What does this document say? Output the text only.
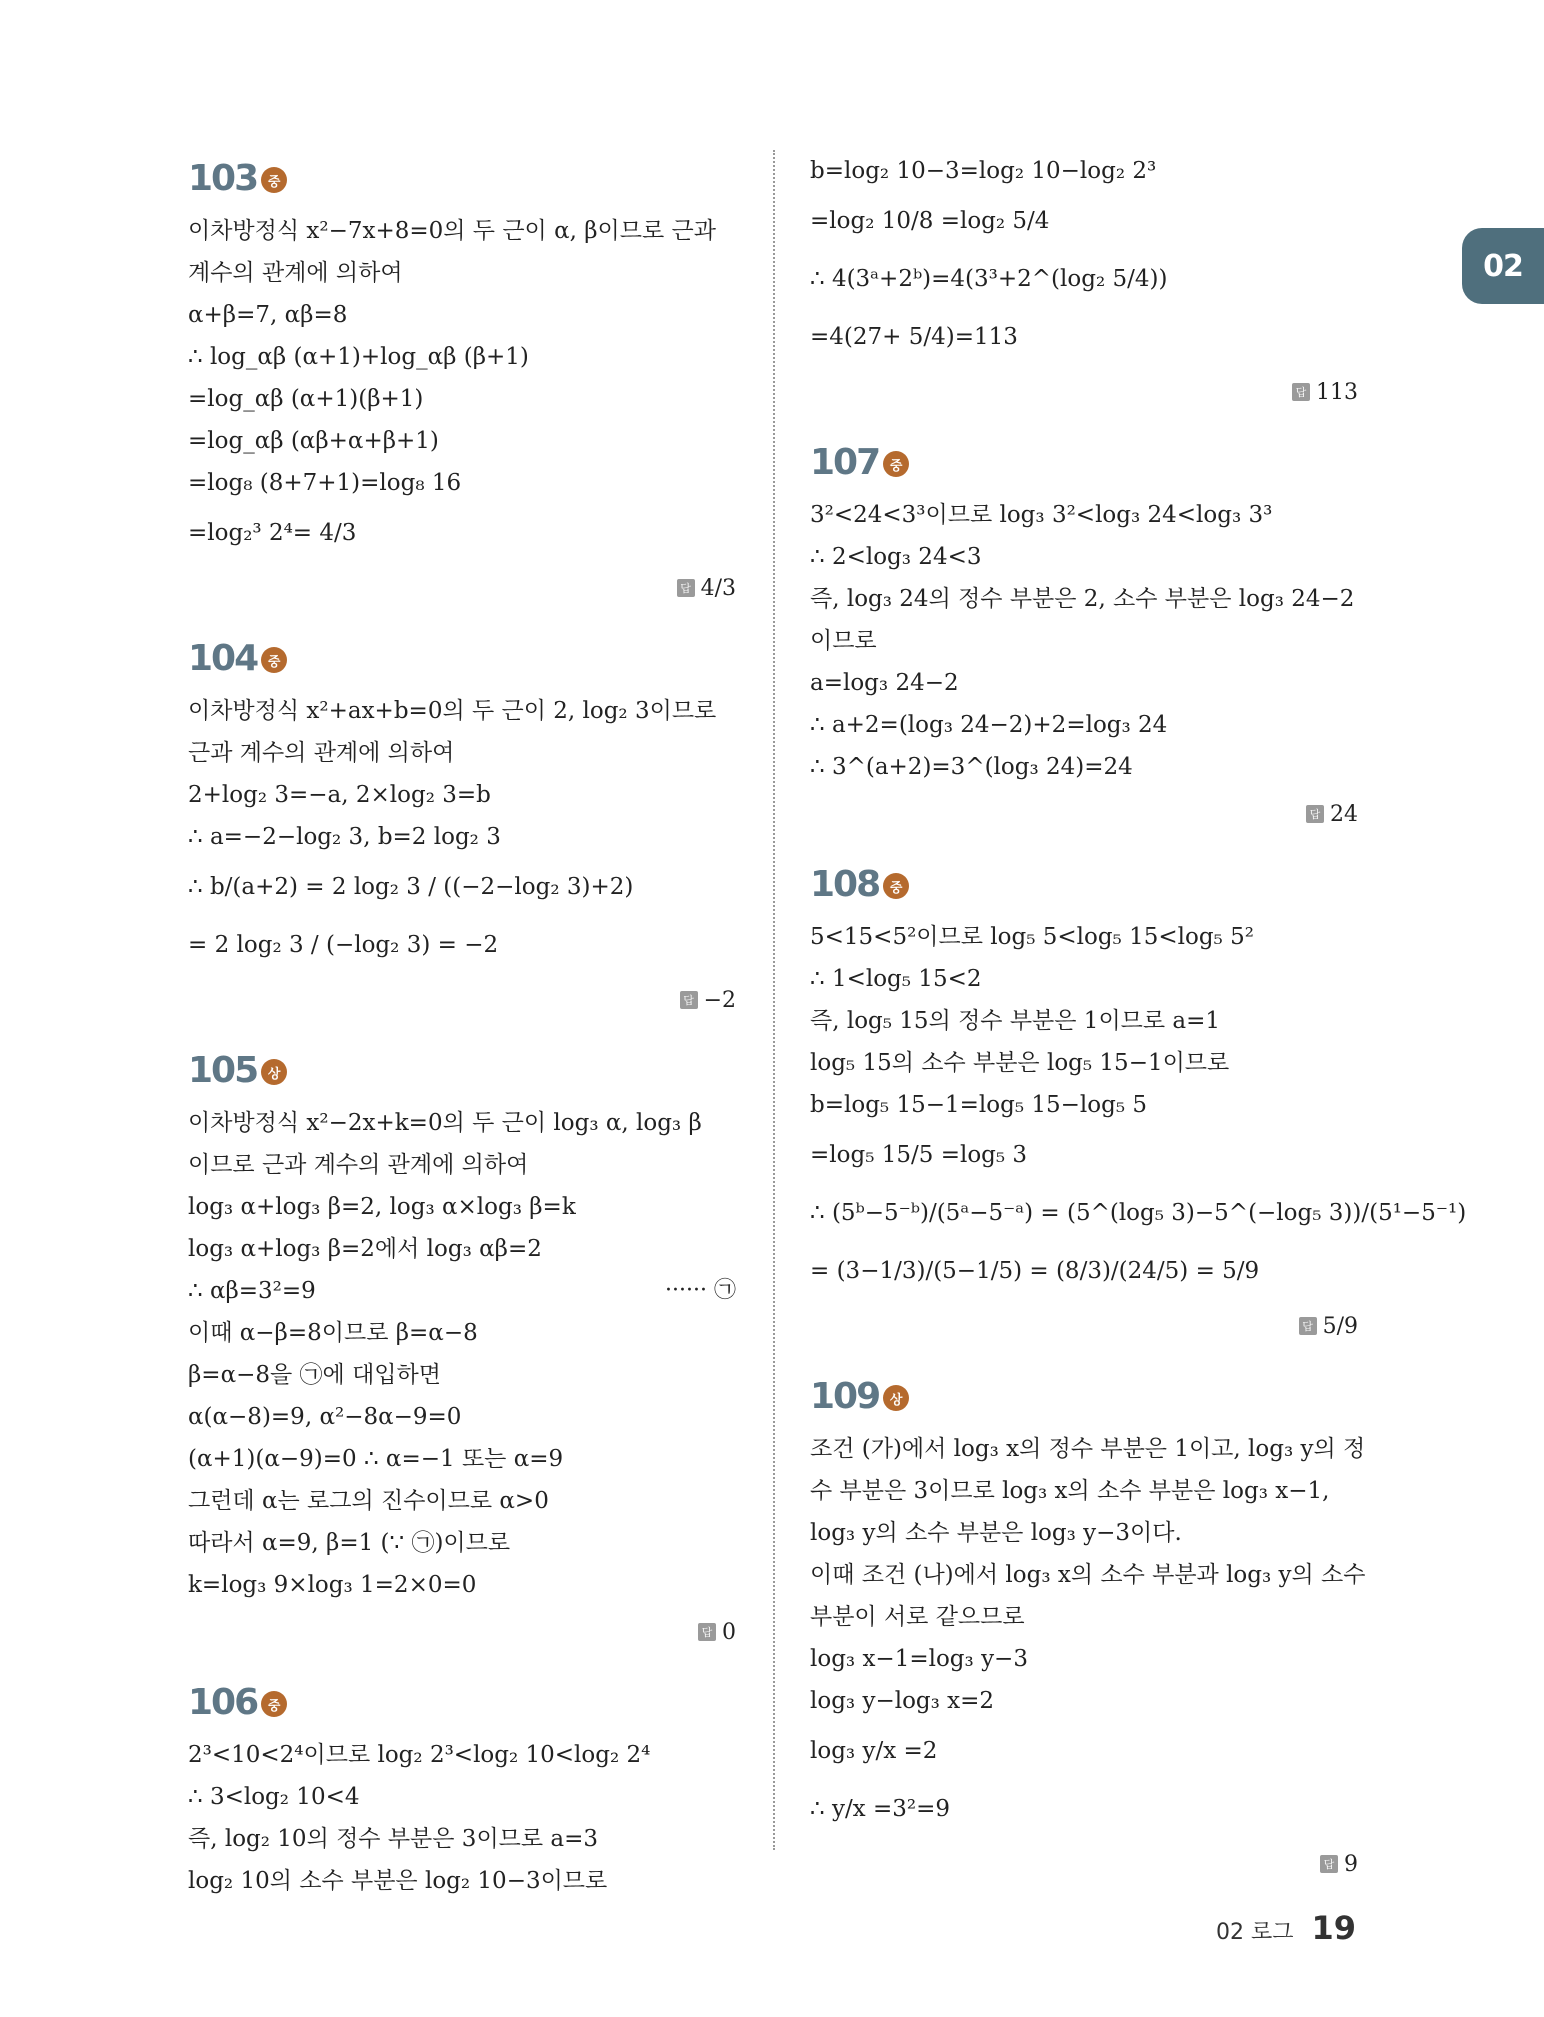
02
103 중
이차방정식 x²−7x+8=0의 두 근이 α, β이므로 근과
계수의 관계에 의하여
α+β=7, αβ=8
∴ log_αβ (α+1)+log_αβ (β+1)
=log_αβ (α+1)(β+1)
=log_αβ (αβ+α+β+1)
=log₈ (8+7+1)=log₈ 16
=log₂³ 2⁴= 4/3
답 4/3
104 중
이차방정식 x²+ax+b=0의 두 근이 2, log₂ 3이므로
근과 계수의 관계에 의하여
2+log₂ 3=−a, 2×log₂ 3=b
∴ a=−2−log₂ 3, b=2 log₂ 3
∴ b/(a+2) = 2 log₂ 3 / ((−2−log₂ 3)+2)
= 2 log₂ 3 / (−log₂ 3) = −2
답 −2
105 상
이차방정식 x²−2x+k=0의 두 근이 log₃ α, log₃ β
이므로 근과 계수의 관계에 의하여
log₃ α+log₃ β=2, log₃ α×log₃ β=k
log₃ α+log₃ β=2에서 log₃ αβ=2
∴ αβ=3²=9	······ ㉠
이때 α−β=8이므로 β=α−8
β=α−8을 ㉠에 대입하면
α(α−8)=9, α²−8α−9=0
(α+1)(α−9)=0 ∴ α=−1 또는 α=9
그런데 α는 로그의 진수이므로 α>0
따라서 α=9, β=1 (∵ ㉠)이므로
k=log₃ 9×log₃ 1=2×0=0
답 0
106 중
2³<10<2⁴이므로 log₂ 2³<log₂ 10<log₂ 2⁴
∴ 3<log₂ 10<4
즉, log₂ 10의 정수 부분은 3이므로 a=3
log₂ 10의 소수 부분은 log₂ 10−3이므로
b=log₂ 10−3=log₂ 10−log₂ 2³
=log₂ 10/8 =log₂ 5/4
∴ 4(3ᵃ+2ᵇ)=4(3³+2^(log₂ 5/4))
=4(27+ 5/4)=113
답 113
107 중
3²<24<3³이므로 log₃ 3²<log₃ 24<log₃ 3³
∴ 2<log₃ 24<3
즉, log₃ 24의 정수 부분은 2, 소수 부분은 log₃ 24−2
이므로
a=log₃ 24−2
∴ a+2=(log₃ 24−2)+2=log₃ 24
∴ 3^(a+2)=3^(log₃ 24)=24
답 24
108 중
5<15<5²이므로 log₅ 5<log₅ 15<log₅ 5²
∴ 1<log₅ 15<2
즉, log₅ 15의 정수 부분은 1이므로 a=1
log₅ 15의 소수 부분은 log₅ 15−1이므로
b=log₅ 15−1=log₅ 15−log₅ 5
=log₅ 15/5 =log₅ 3
∴ (5ᵇ−5⁻ᵇ)/(5ᵃ−5⁻ᵃ) = (5^(log₅ 3)−5^(−log₅ 3))/(5¹−5⁻¹)
= (3−1/3)/(5−1/5) = (8/3)/(24/5) = 5/9
답 5/9
109 상
조건 (가)에서 log₃ x의 정수 부분은 1이고, log₃ y의 정
수 부분은 3이므로 log₃ x의 소수 부분은 log₃ x−1,
log₃ y의 소수 부분은 log₃ y−3이다.
이때 조건 (나)에서 log₃ x의 소수 부분과 log₃ y의 소수
부분이 서로 같으므로
log₃ x−1=log₃ y−3
log₃ y−log₃ x=2
log₃ y/x =2
∴ y/x =3²=9
답 9
02 로그 19
